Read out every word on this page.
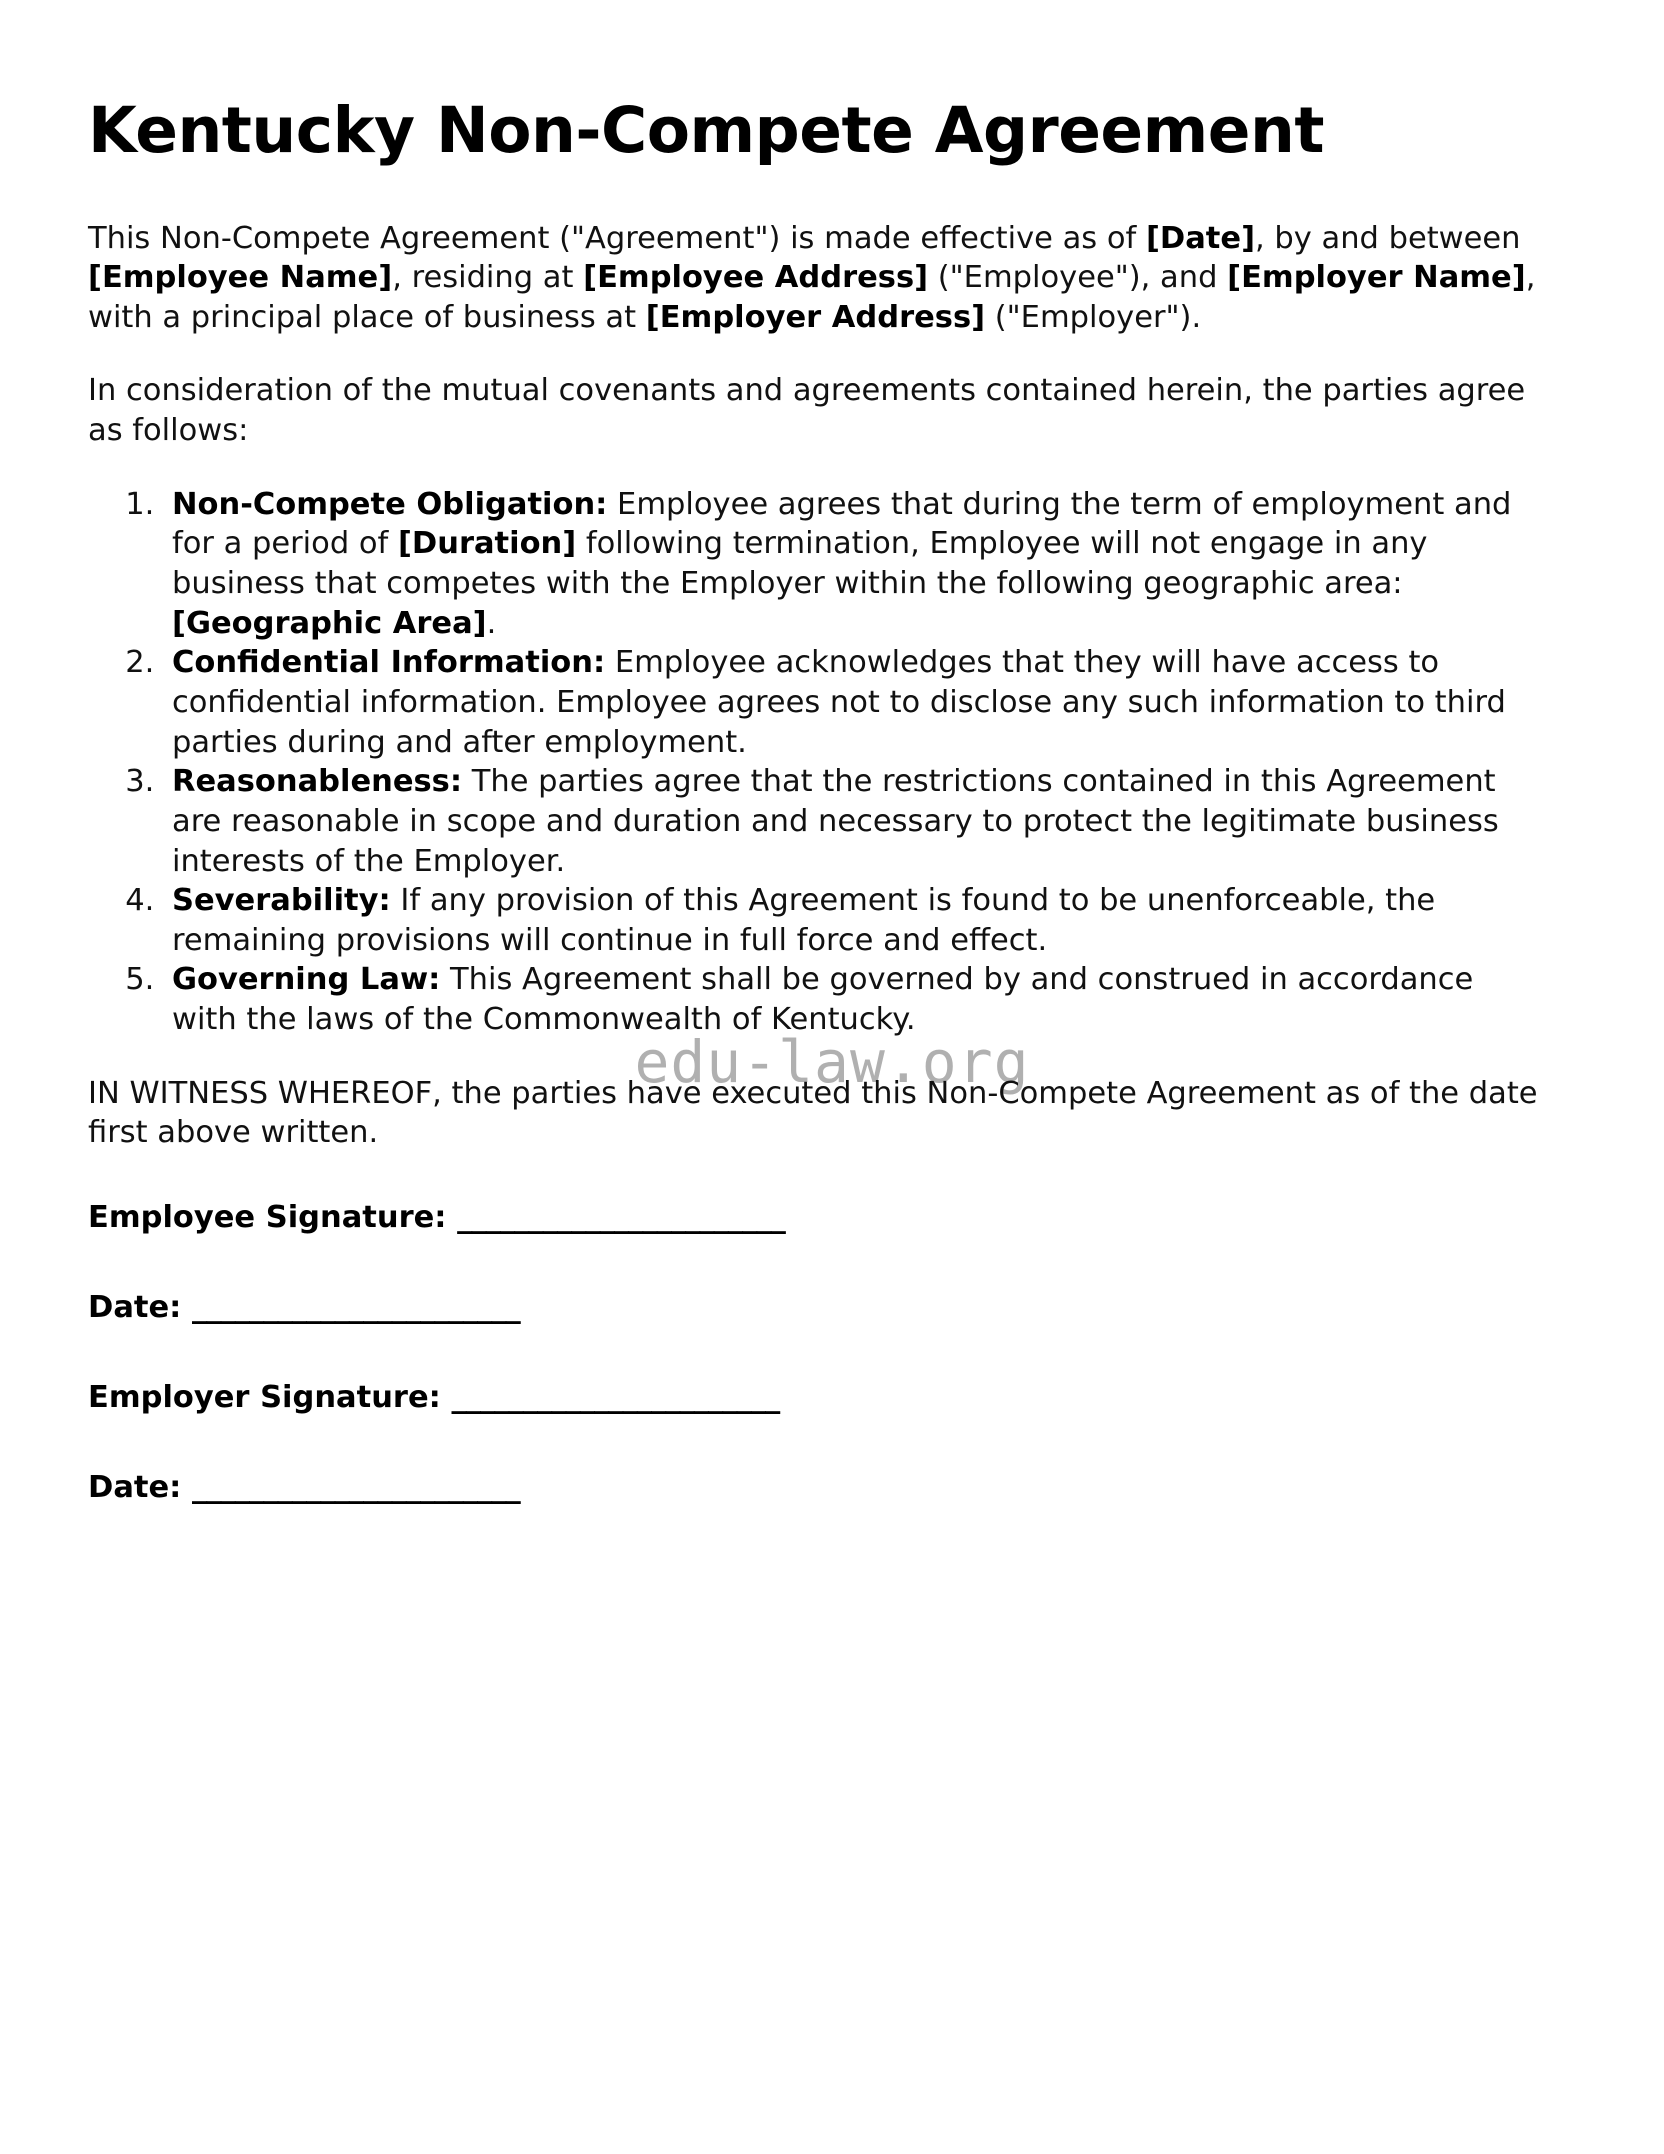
edu-law.org
Kentucky Non-Compete Agreement

This Non-Compete Agreement ("Agreement") is made effective as of [Date], by and between [Employee Name], residing at [Employee Address] ("Employee"), and [Employer Name], with a principal place of business at [Employer Address] ("Employer").

In consideration of the mutual covenants and agreements contained herein, the parties agree as follows:

1. Non-Compete Obligation: Employee agrees that during the term of employment and for a period of [Duration] following termination, Employee will not engage in any business that competes with the Employer within the following geographic area: [Geographic Area].
2. Confidential Information: Employee acknowledges that they will have access to confidential information. Employee agrees not to disclose any such information to third parties during and after employment.
3. Reasonableness: The parties agree that the restrictions contained in this Agreement are reasonable in scope and duration and necessary to protect the legitimate business interests of the Employer.
4. Severability: If any provision of this Agreement is found to be unenforceable, the remaining provisions will continue in full force and effect.
5. Governing Law: This Agreement shall be governed by and construed in accordance with the laws of the Commonwealth of Kentucky.

IN WITNESS WHEREOF, the parties have executed this Non-Compete Agreement as of the date first above written.

Employee Signature: _______________________
Date: _______________________
Employer Signature: _______________________
Date: _______________________
